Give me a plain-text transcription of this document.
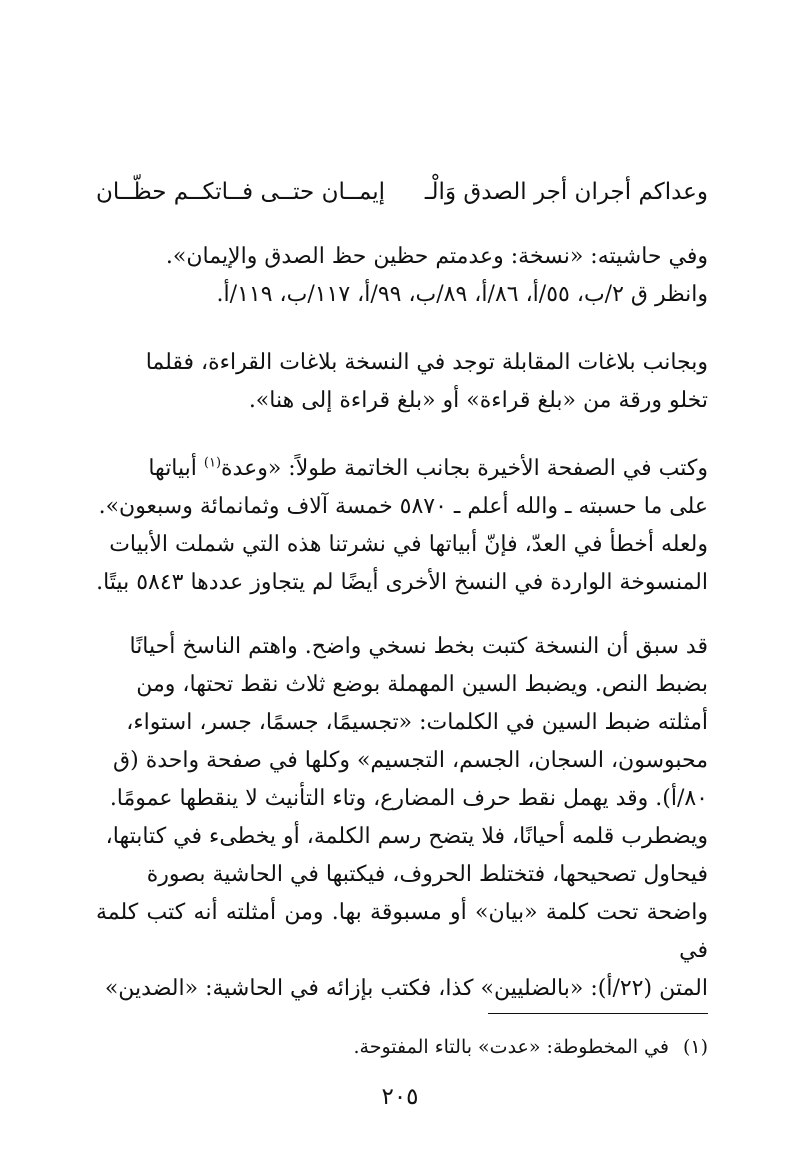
وعداكم أجران أجر الصدق وَالْـ
إيمــان حتــى فــاتكــم حظّــان

وفي حاشيته: «نسخة: وعدمتم حظين حظ الصدق والإيمان».

وانظر ق ٢/ب، ٥٥/أ، ٨٦/أ، ٨٩/ب، ٩٩/أ، ١١٧/ب، ١١٩/أ.

وبجانب بلاغات المقابلة توجد في النسخة بلاغات القراءة، فقلما

تخلو ورقة من «بلغ قراءة» أو «بلغ قراءة إلى هنا».

وكتب في الصفحة الأخيرة بجانب الخاتمة طولاً: «وعدة$^{(١)}$ أبياتها

على ما حسبته ـ والله أعلم ـ ٥٨٧٠ خمسة آلاف وثمانمائة وسبعون».

ولعله أخطأ في العدّ، فإنّ أبياتها في نشرتنا هذه التي شملت الأبيات

المنسوخة الواردة في النسخ الأخرى أيضًا لم يتجاوز عددها ٥٨٤٣ بيتًا.

قد سبق أن النسخة كتبت بخط نسخي واضح. واهتم الناسخ أحيانًا

بضبط النص. ويضبط السين المهملة بوضع ثلاث نقط تحتها، ومن

أمثلته ضبط السين في الكلمات: «تجسيمًا، جسمًا، جسر، استواء،

محبوسون، السجان، الجسم، التجسيم» وكلها في صفحة واحدة (ق

٨٠/أ). وقد يهمل نقط حرف المضارع، وتاء التأنيث لا ينقطها عمومًا.

ويضطرب قلمه أحيانًا، فلا يتضح رسم الكلمة، أو يخطىء في كتابتها،

فيحاول تصحيحها، فتختلط الحروف، فيكتبها في الحاشية بصورة

واضحة تحت كلمة «بيان» أو مسبوقة بها. ومن أمثلته أنه كتب كلمة في

المتن (٢٢/أ): «بالضليين» كذا، فكتب بإزائه في الحاشية: «الضدين»

(١)في المخطوطة: «عدت» بالتاء المفتوحة.
٢٠٥
